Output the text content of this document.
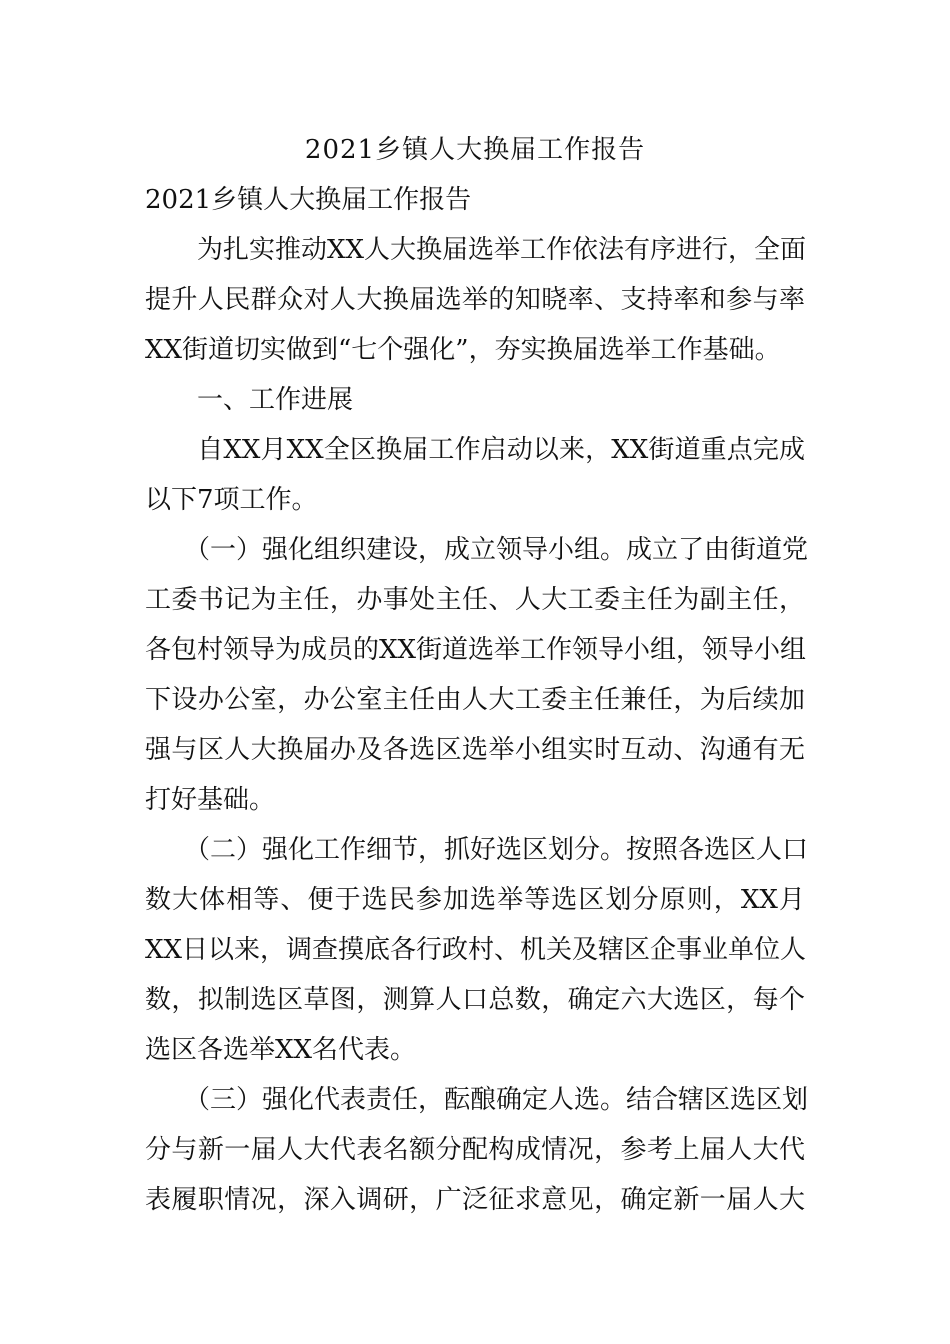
2021乡镇人大换届工作报告
2021乡镇人大换届工作报告
　　为扎实推动XX人大换届选举工作依法有序进行，全面
提升人民群众对人大换届选举的知晓率、支持率和参与率
XX街道切实做到“七个强化”，夯实换届选举工作基础。
　　一、工作进展
　　自XX月XX全区换届工作启动以来，XX街道重点完成
以下7项工作。
　　（一）强化组织建设，成立领导小组。成立了由街道党
工委书记为主任，办事处主任、人大工委主任为副主任，
各包村领导为成员的XX街道选举工作领导小组，领导小组
下设办公室，办公室主任由人大工委主任兼任，为后续加
强与区人大换届办及各选区选举小组实时互动、沟通有无
打好基础。
　　（二）强化工作细节，抓好选区划分。按照各选区人口
数大体相等、便于选民参加选举等选区划分原则，XX月
XX日以来，调查摸底各行政村、机关及辖区企事业单位人
数，拟制选区草图，测算人口总数，确定六大选区，每个
选区各选举XX名代表。
　　（三）强化代表责任，酝酿确定人选。结合辖区选区划
分与新一届人大代表名额分配构成情况，参考上届人大代
表履职情况，深入调研，广泛征求意见，确定新一届人大
